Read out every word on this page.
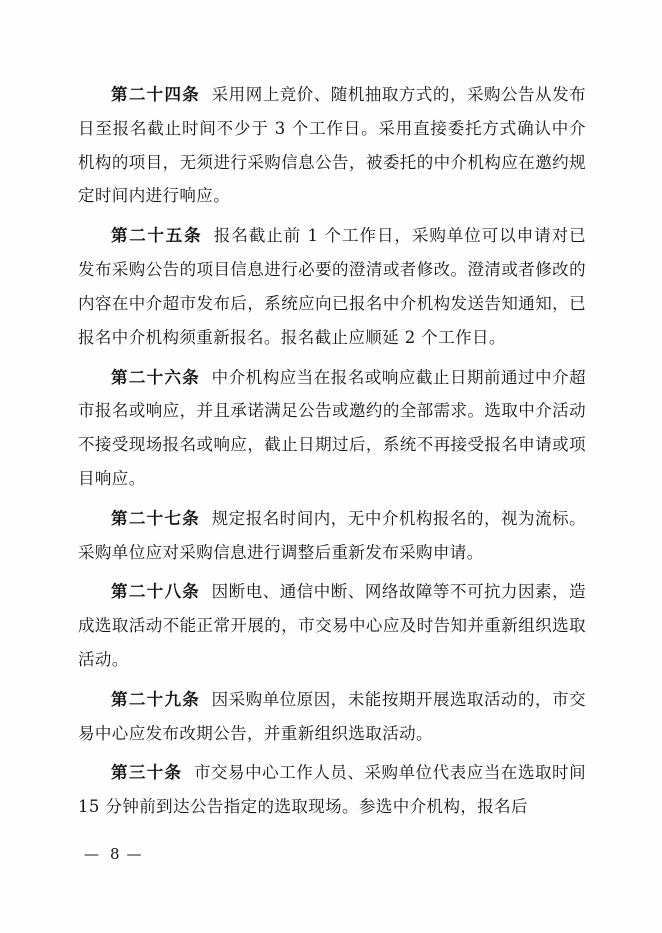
第二十四条 采用网上竞价、随机抽取方式的，采购公告从发布日至报名截止时间不少于 3 个工作日。采用直接委托方式确认中介机构的项目，无须进行采购信息公告，被委托的中介机构应在邀约规定时间内进行响应。

第二十五条 报名截止前 1 个工作日，采购单位可以申请对已发布采购公告的项目信息进行必要的澄清或者修改。澄清或者修改的内容在中介超市发布后，系统应向已报名中介机构发送告知通知，已报名中介机构须重新报名。报名截止应顺延 2 个工作日。

第二十六条 中介机构应当在报名或响应截止日期前通过中介超市报名或响应，并且承诺满足公告或邀约的全部需求。选取中介活动不接受现场报名或响应，截止日期过后，系统不再接受报名申请或项目响应。

第二十七条 规定报名时间内，无中介机构报名的，视为流标。采购单位应对采购信息进行调整后重新发布采购申请。

第二十八条 因断电、通信中断、网络故障等不可抗力因素，造成选取活动不能正常开展的，市交易中心应及时告知并重新组织选取活动。

第二十九条 因采购单位原因，未能按期开展选取活动的，市交易中心应发布改期公告，并重新组织选取活动。

第三十条 市交易中心工作人员、采购单位代表应当在选取时间 15 分钟前到达公告指定的选取现场。参选中介机构，报名后

— 8 —
